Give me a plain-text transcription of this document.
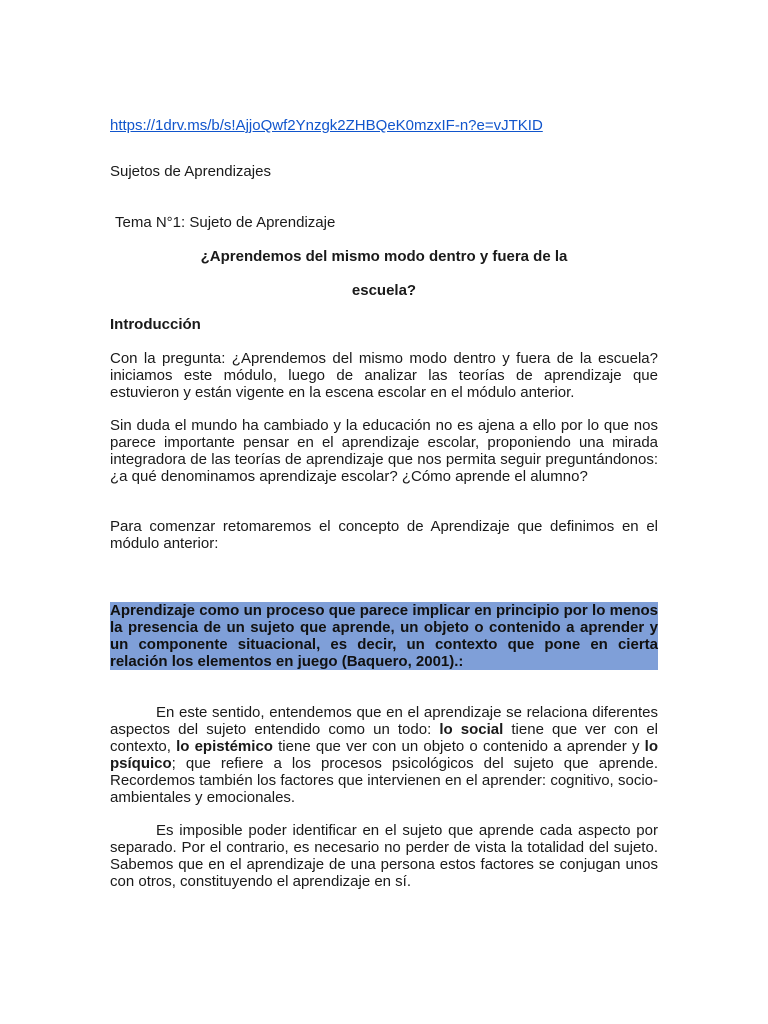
https://1drv.ms/b/s!AjjoQwf2Ynzgk2ZHBQeK0mzxIF-n?e=vJTKID
Sujetos de Aprendizajes
Tema N°1: Sujeto de Aprendizaje
¿Aprendemos del mismo modo dentro y fuera de la
escuela?
Introducción

Con la pregunta: ¿Aprendemos del mismo modo dentro y fuera de la escuela? iniciamos este módulo, luego de analizar las teorías de aprendizaje que estuvieron y están vigente en la escena escolar en el módulo anterior.

Sin duda el mundo ha cambiado y la educación no es ajena a ello por lo que nos parece importante pensar en el aprendizaje escolar, proponiendo una mirada integradora de las teorías de aprendizaje que nos permita seguir preguntándonos: ¿a qué denominamos aprendizaje escolar? ¿Cómo aprende el alumno?

Para comenzar retomaremos el concepto de Aprendizaje que definimos en el módulo anterior:

Aprendizaje como un proceso que parece implicar en principio por lo menos la presencia de un sujeto que aprende, un objeto o contenido a aprender y un componente situacional, es decir, un contexto que pone en cierta relación los elementos en juego (Baquero, 2001).:

En este sentido, entendemos que en el aprendizaje se relaciona diferentes aspectos del sujeto entendido como un todo: lo social tiene que ver con el contexto, lo epistémico tiene que ver con un objeto o contenido a aprender y lo psíquico; que refiere a los procesos psicológicos del sujeto que aprende. Recordemos también los factores que intervienen en el aprender: cognitivo, socio-ambientales y emocionales.

Es imposible poder identificar en el sujeto que aprende cada aspecto por separado. Por el contrario, es necesario no perder de vista la totalidad del sujeto. Sabemos que en el aprendizaje de una persona estos factores se conjugan unos con otros, constituyendo el aprendizaje en sí.
